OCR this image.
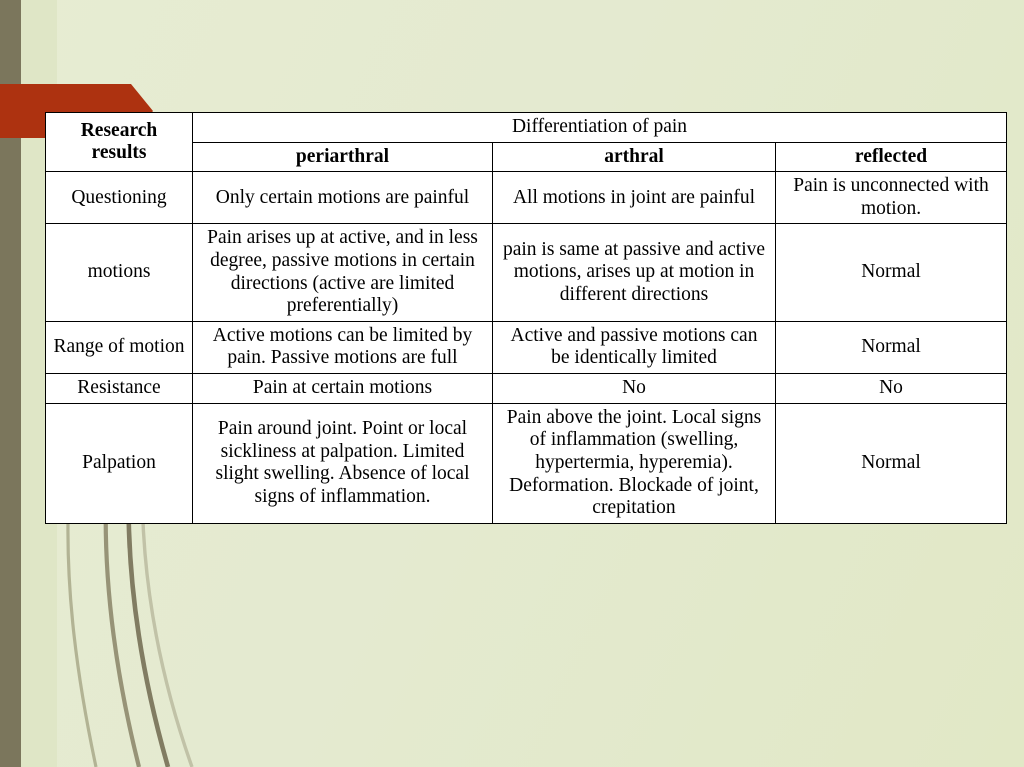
Research results	Differentiation of pain		
	periarthral	arthral	reflected
Questioning	Only certain motions are painful	All motions in joint are painful	Pain is unconnected with motion.
motions	Pain arises up at active, and in less degree, passive motions in certain directions (active are limited preferentially)	pain is same at passive and active motions, arises up at motion in different directions	Normal
Range of motion	Active motions can be limited by pain. Passive motions are full	Active and passive motions can be identically limited	Normal
Resistance	Pain at certain motions	No	No
Palpation	Pain around joint. Point or local sickliness at palpation. Limited slight swelling. Absence of local signs of inflammation.	Pain above the joint. Local signs of inflammation (swelling, hypertermia, hyperemia). Deformation. Blockade of joint, crepitation	Normal
